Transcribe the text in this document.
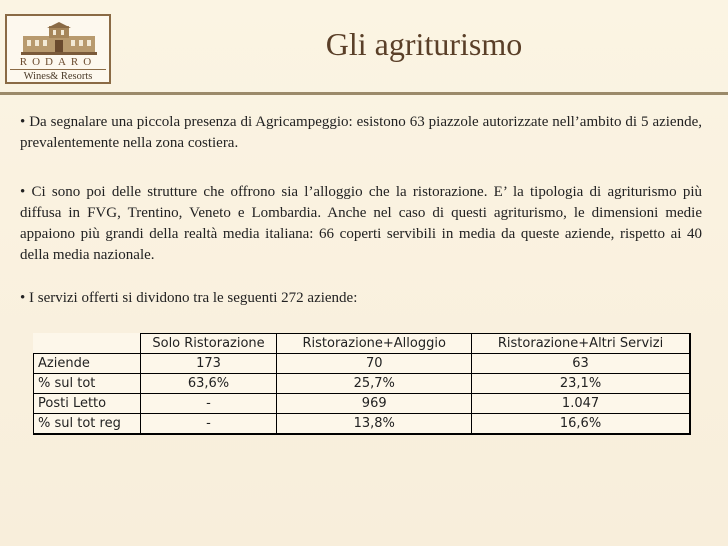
RODARO
Wines& Resorts
Gli agriturismo
• Da segnalare una piccola presenza di Agricampeggio: esistono 63 piazzole autorizzate nell’ambito di 5 aziende, prevalentemente nella zona costiera.
• Ci sono poi delle strutture che offrono sia l’alloggio che la ristorazione. E’ la tipologia di agriturismo più diffusa in FVG, Trentino, Veneto e Lombardia. Anche nel caso di questi agriturismo, le dimensioni medie appaiono più grandi della realtà media italiana: 66 coperti servibili in media da queste aziende, rispetto ai 40 della media nazionale.
• I servizi offerti si dividono tra le seguenti 272 aziende:
	Solo Ristorazione	Ristorazione+Alloggio	Ristorazione+Altri Servizi
Aziende	173	70	63
% sul tot	63,6%	25,7%	23,1%
Posti Letto	-	969	1.047
% sul tot reg	-	13,8%	16,6%
